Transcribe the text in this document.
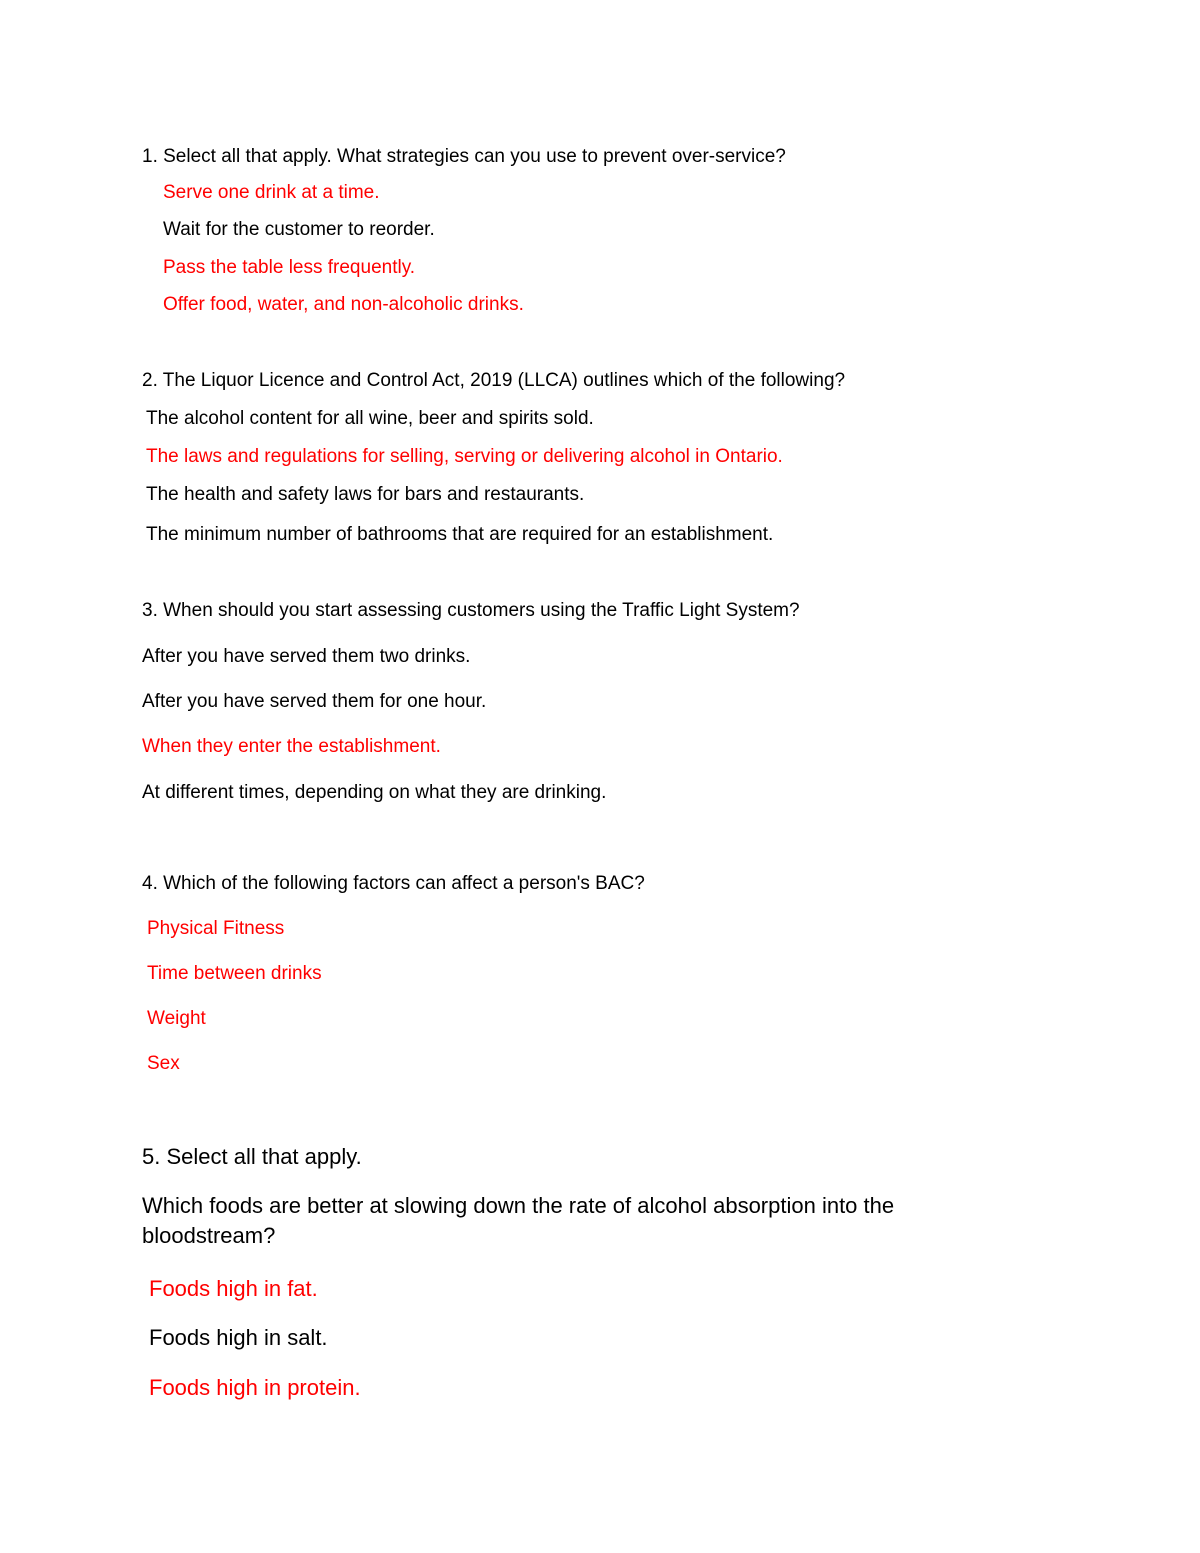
1. Select all that apply. What strategies can you use to prevent over-service?
Serve one drink at a time.
Wait for the customer to reorder.
Pass the table less frequently.
Offer food, water, and non-alcoholic drinks.
2. The Liquor Licence and Control Act, 2019 (LLCA) outlines which of the following?
The alcohol content for all wine, beer and spirits sold.
The laws and regulations for selling, serving or delivering alcohol in Ontario.
The health and safety laws for bars and restaurants.
The minimum number of bathrooms that are required for an establishment.
3. When should you start assessing customers using the Traffic Light System?
After you have served them two drinks.
After you have served them for one hour.
When they enter the establishment.
At different times, depending on what they are drinking.
4. Which of the following factors can affect a person's BAC?
Physical Fitness
Time between drinks
Weight
Sex
5. Select all that apply.
Which foods are better at slowing down the rate of alcohol absorption into the bloodstream?
Foods high in fat.
Foods high in salt.
Foods high in protein.
